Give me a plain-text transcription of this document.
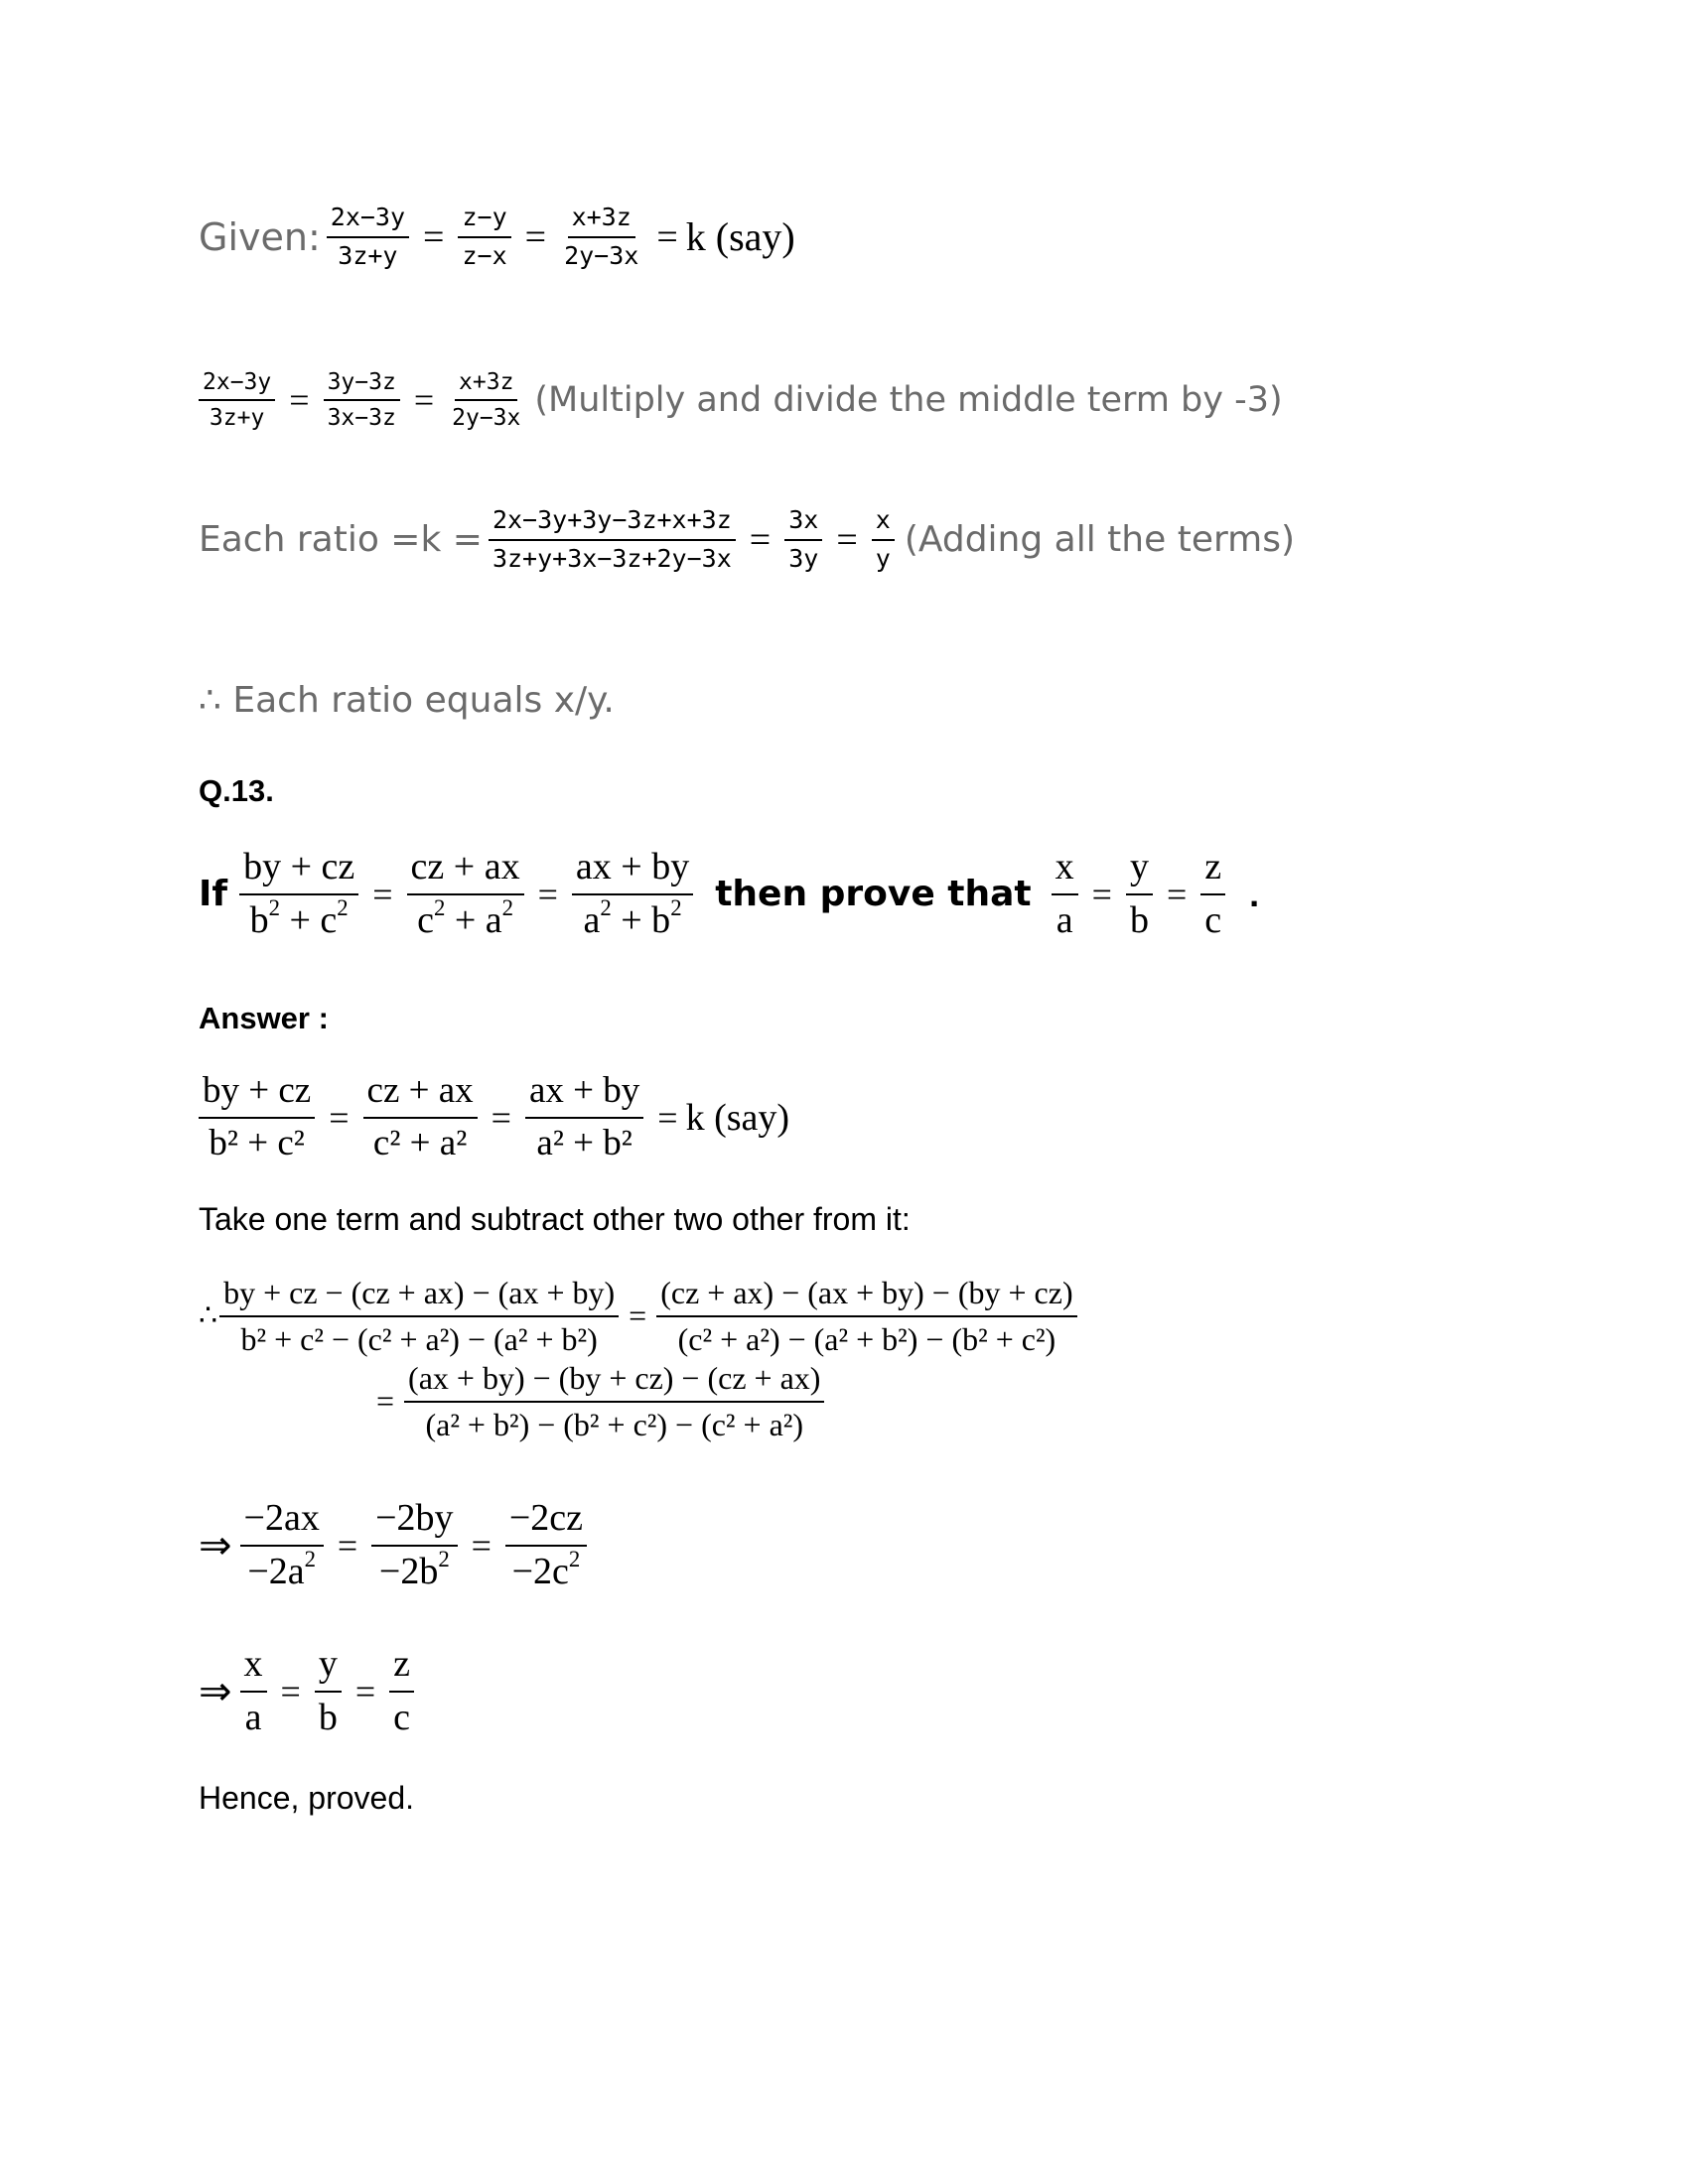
Given: $\frac{2x-3y}{3z+y} = \frac{z-y}{z-x} = \frac{x+3z}{2y-3x} = k$ (say)
$\frac{2x-3y}{3z+y} = \frac{3y-3z}{3x-3z} = \frac{x+3z}{2y-3x}$ (Multiply and divide the middle term by -3)
Each ratio $=k = \frac{2x-3y+3y-3z+x+3z}{3z+y+3x-3z+2y-3x} = \frac{3x}{3y} = \frac{x}{y}$ (Adding all the terms)
∴ Each ratio equals x/y.
Q.13.
If $\frac{by + cz}{b^2 + c^2} = \frac{cz + ax}{c^2 + a^2} = \frac{ax + by}{a^2 + b^2}$ then prove that $\frac{x}{a} = \frac{y}{b} = \frac{z}{c}$ .
Answer :
$\frac{by + cz}{\text{b² + c²}} = \frac{cz + ax}{\text{c² + a²}} = \frac{ax + by}{\text{a² + b²}} = k$ (say)
Take one term and subtract other two other from it:
∴ $\frac{by + cz - (cz + ax) - (ax + by)}{\text{b² + c² − (c² + a²) − (a² + b²)}} = \frac{(cz + ax) - (ax + by) - (by + cz)}{\text{(c² + a²) − (a² + b²) − (b² + c²)}}$
= $\frac{(ax + by) - (by + cz) - (cz + ax)}{\text{(a² + b²) − (b² + c²) − (c² + a²)}}$
⇒ $\frac{-2ax}{-2a^2} = \frac{-2by}{-2b^2} = \frac{-2cz}{-2c^2}$
⇒ $\frac{x}{a} = \frac{y}{b} = \frac{z}{c}$
Hence, proved.
